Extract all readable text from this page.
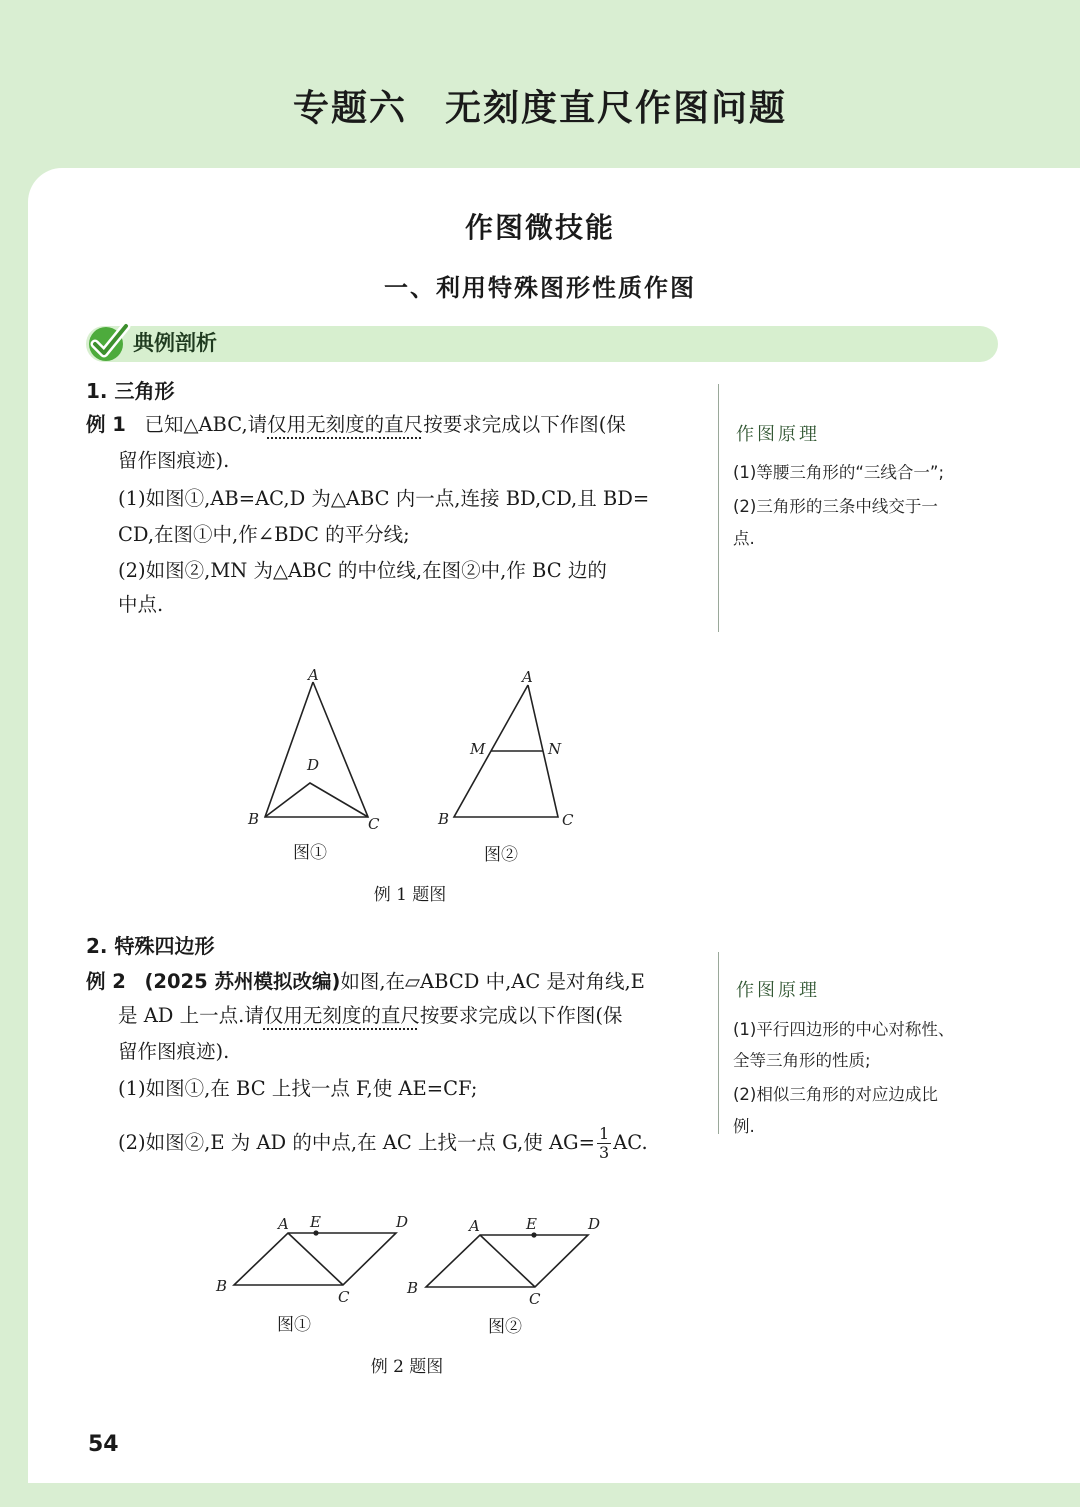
专题六 无刻度直尺作图问题
作图微技能
一、利用特殊图形性质作图
典例剖析
1. 三角形
例 1 已知△ABC,请仅用无刻度的直尺按要求完成以下作图(保
留作图痕迹).
(1)如图①,AB=AC,D 为△ABC 内一点,连接 BD,CD,且 BD=
CD,在图①中,作∠BDC 的平分线;
(2)如图②,MN 为△ABC 的中位线,在图②中,作 BC 边的
中点.
作图原理
(1)等腰三角形的“三线合一”;
(2)三角形的三条中线交于一
点.
A
D
B	C
A
M	N
B	C
图①	图②
例 1 题图
2. 特殊四边形
例 2 (2025 苏州模拟改编)如图,在▱ABCD 中,AC 是对角线,E
是 AD 上一点.请仅用无刻度的直尺按要求完成以下作图(保
留作图痕迹).
(1)如图①,在 BC 上找一点 F,使 AE=CF;
(2)如图②,E 为 AD 的中点,在 AC 上找一点 G,使 $AG= \frac{1}{3}$ AC.
作图原理
(1)平行四边形的中心对称性、
全等三角形的性质;
(2)相似三角形的对应边成比
例.
A E	D
B
C
A	E	D
B
C
图①	图②
例 2 题图
54
